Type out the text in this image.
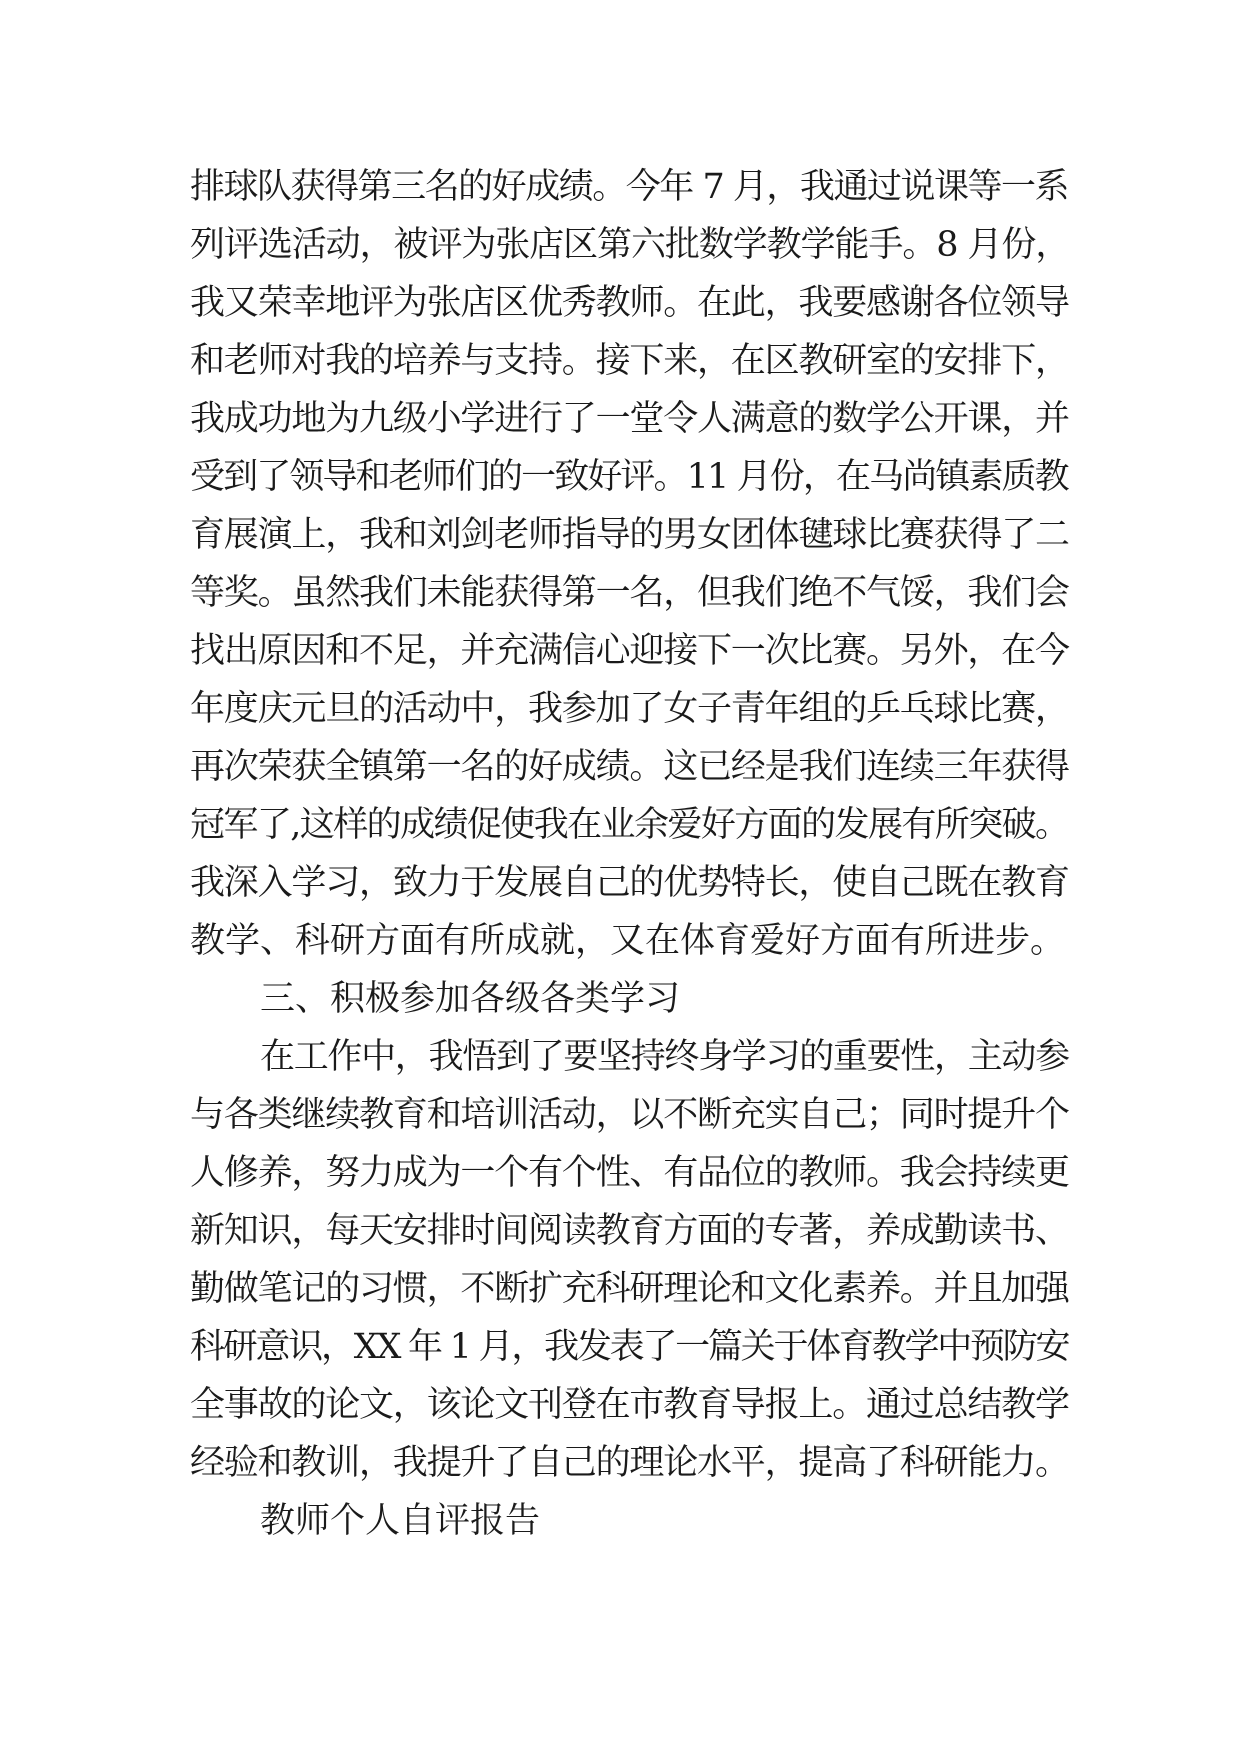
排球队获得第三名的好成绩。今年 7 月，我通过说课等一系
列评选活动，被评为张店区第六批数学教学能手。8 月份，
我又荣幸地评为张店区优秀教师。在此，我要感谢各位领导
和老师对我的培养与支持。接下来，在区教研室的安排下，
我成功地为九级小学进行了一堂令人满意的数学公开课，并
受到了领导和老师们的一致好评。11 月份，在马尚镇素质教
育展演上，我和刘剑老师指导的男女团体毽球比赛获得了二
等奖。虽然我们未能获得第一名，但我们绝不气馁，我们会
找出原因和不足，并充满信心迎接下一次比赛。另外，在今
年度庆元旦的活动中，我参加了女子青年组的乒乓球比赛，
再次荣获全镇第一名的好成绩。这已经是我们连续三年获得
冠军了,这样的成绩促使我在业余爱好方面的发展有所突破。
我深入学习，致力于发展自己的优势特长，使自己既在教育
教学、科研方面有所成就，又在体育爱好方面有所进步。
三、积极参加各级各类学习
在工作中，我悟到了要坚持终身学习的重要性，主动参
与各类继续教育和培训活动，以不断充实自己；同时提升个
人修养，努力成为一个有个性、有品位的教师。我会持续更
新知识，每天安排时间阅读教育方面的专著，养成勤读书、
勤做笔记的习惯，不断扩充科研理论和文化素养。并且加强
科研意识，XX 年 1 月，我发表了一篇关于体育教学中预防安
全事故的论文，该论文刊登在市教育导报上。通过总结教学
经验和教训，我提升了自己的理论水平，提高了科研能力。
教师个人自评报告
